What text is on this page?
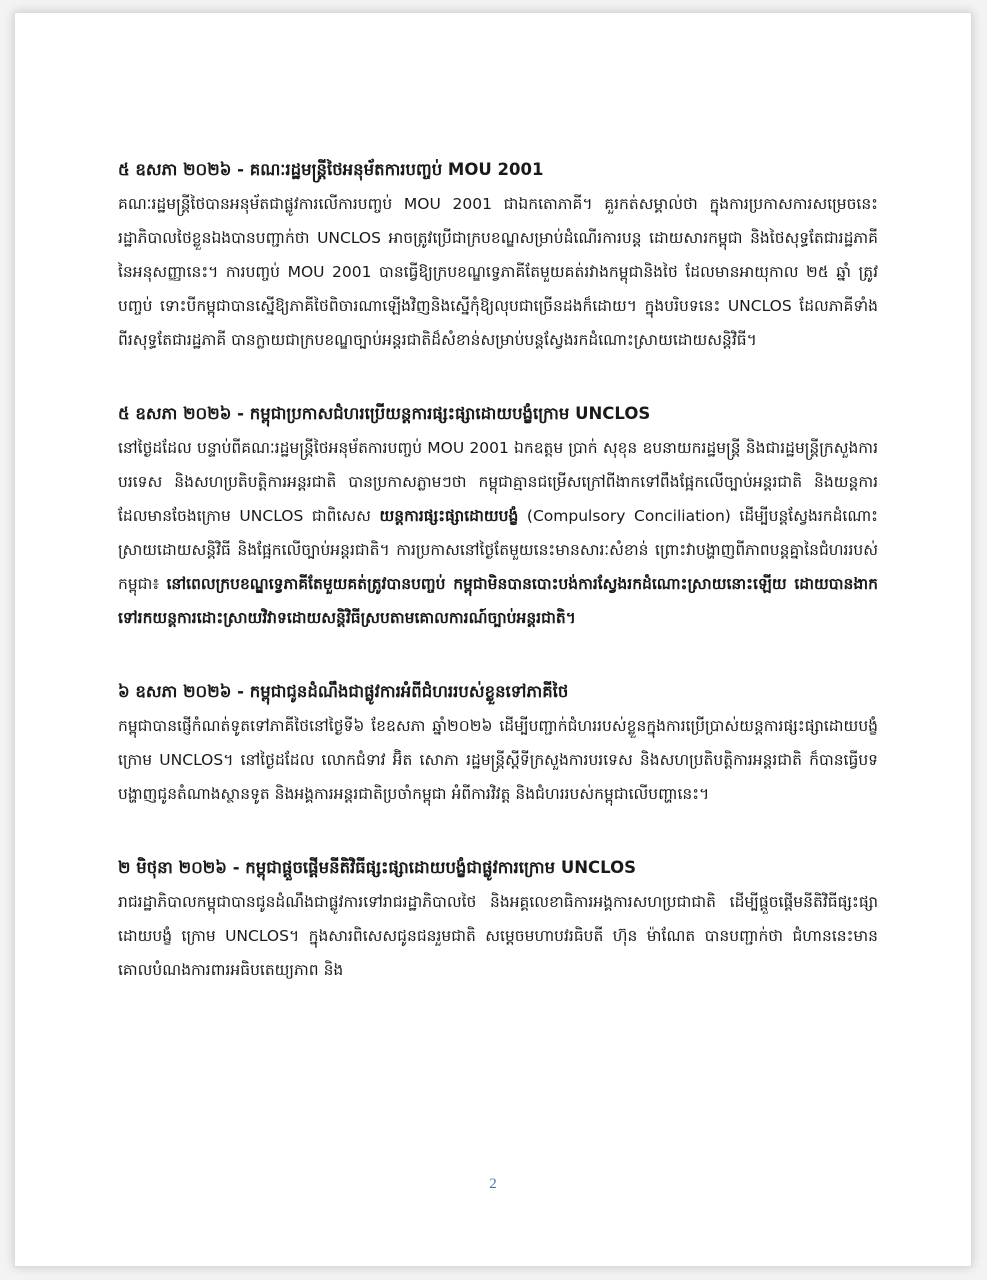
៥ ឧសភា ២០២៦ - គណៈរដ្ឋមន្ត្រីថៃអនុម័តការបញ្ចប់ MOU 2001

គណៈរដ្ឋមន្ត្រីថៃបានអនុម័តជាផ្លូវការលើការបញ្ចប់ MOU 2001 ជាឯកតោភាគី។ គួរកត់សម្គាល់ថា ក្នុងការប្រកាសការសម្រេចនេះ រដ្ឋាភិបាលថៃខ្លួនឯងបានបញ្ជាក់ថា UNCLOS អាចត្រូវប្រើជាក្របខណ្ឌសម្រាប់ដំណើរការបន្ត ដោយសារកម្ពុជា និងថៃសុទ្ធតែជារដ្ឋភាគីនៃអនុសញ្ញានេះ។ ការបញ្ចប់ MOU 2001 បានធ្វើឱ្យក្របខណ្ឌទ្វេភាគីតែមួយគត់រវាងកម្ពុជានិងថៃ ដែលមានអាយុកាល ២៥ ឆ្នាំ ត្រូវបញ្ចប់ ទោះបីកម្ពុជាបានស្នើឱ្យភាគីថៃពិចារណាឡើងវិញនិងស្នើកុំឱ្យលុបជាច្រើនដងក៏ដោយ។ ក្នុងបរិបទនេះ UNCLOS ដែលភាគីទាំងពីរសុទ្ធតែជារដ្ឋភាគី បានក្លាយជាក្របខណ្ឌច្បាប់អន្តរជាតិដ៏សំខាន់សម្រាប់បន្តស្វែងរកដំណោះស្រាយដោយសន្តិវិធី។

៥ ឧសភា ២០២៦ - កម្ពុជាប្រកាសជំហរប្រើយន្តការផ្សះផ្សាដោយបង្ខំក្រោម UNCLOS

នៅថ្ងៃដដែល បន្ទាប់ពីគណៈរដ្ឋមន្ត្រីថៃអនុម័តការបញ្ចប់ MOU 2001 ឯកឧត្តម ប្រាក់ សុខុន ឧបនាយករដ្ឋមន្ត្រី និងជារដ្ឋមន្ត្រីក្រសួងការបរទេស និងសហប្រតិបត្តិការអន្តរជាតិ បានប្រកាសភ្លាមៗថា កម្ពុជាគ្មានជម្រើសក្រៅពីងាកទៅពឹងផ្អែកលើច្បាប់អន្តរជាតិ និងយន្តការដែលមានចែងក្រោម UNCLOS ជាពិសេស យន្តការផ្សះផ្សាដោយបង្ខំ (Compulsory Conciliation) ដើម្បីបន្តស្វែងរកដំណោះស្រាយដោយសន្តិវិធី និងផ្អែកលើច្បាប់អន្តរជាតិ។ ការប្រកាសនៅថ្ងៃតែមួយនេះមានសារៈសំខាន់ ព្រោះវាបង្ហាញពីភាពបន្តគ្នានៃជំហររបស់កម្ពុជា៖ នៅពេលក្របខណ្ឌទ្វេភាគីតែមួយគត់ត្រូវបានបញ្ចប់ កម្ពុជាមិនបានបោះបង់ការស្វែងរកដំណោះស្រាយនោះឡើយ ដោយបានងាកទៅរកយន្តការដោះស្រាយវិវាទដោយសន្តិវិធីស្របតាមគោលការណ៍ច្បាប់អន្តរជាតិ។

៦ ឧសភា ២០២៦ - កម្ពុជាជូនដំណឹងជាផ្លូវការអំពីជំហររបស់ខ្លួនទៅភាគីថៃ

កម្ពុជាបានផ្ញើកំណត់ទូតទៅភាគីថៃនៅថ្ងៃទី៦ ខែឧសភា ឆ្នាំ២០២៦ ដើម្បីបញ្ជាក់ជំហររបស់ខ្លួនក្នុងការប្រើប្រាស់យន្តការផ្សះផ្សាដោយបង្ខំក្រោម UNCLOS។ នៅថ្ងៃដដែល លោកជំទាវ អ៊ិត សោភា រដ្ឋមន្ត្រីស្តីទីក្រសួងការបរទេស និងសហប្រតិបត្តិការអន្តរជាតិ ក៏បានធ្វើបទបង្ហាញជូនតំណាងស្ថានទូត និងអង្គការអន្តរជាតិប្រចាំកម្ពុជា អំពីការវិវត្ត និងជំហររបស់កម្ពុជាលើបញ្ហានេះ។

២ មិថុនា ២០២៦ - កម្ពុជាផ្តួចផ្តើមនីតិវិធីផ្សះផ្សាដោយបង្ខំជាផ្លូវការក្រោម UNCLOS

រាជរដ្ឋាភិបាលកម្ពុជាបានជូនដំណឹងជាផ្លូវការទៅរាជរដ្ឋាភិបាលថៃ និងអគ្គលេខាធិការអង្គការសហប្រជាជាតិ ដើម្បីផ្តួចផ្តើមនីតិវិធីផ្សះផ្សាដោយបង្ខំ ក្រោម UNCLOS។ ក្នុងសារពិសេសជូនជនរួមជាតិ សម្តេចមហាបវរធិបតី ហ៊ុន ម៉ាណែត បានបញ្ជាក់ថា ជំហាននេះមានគោលបំណងការពារអធិបតេយ្យភាព និង

2
